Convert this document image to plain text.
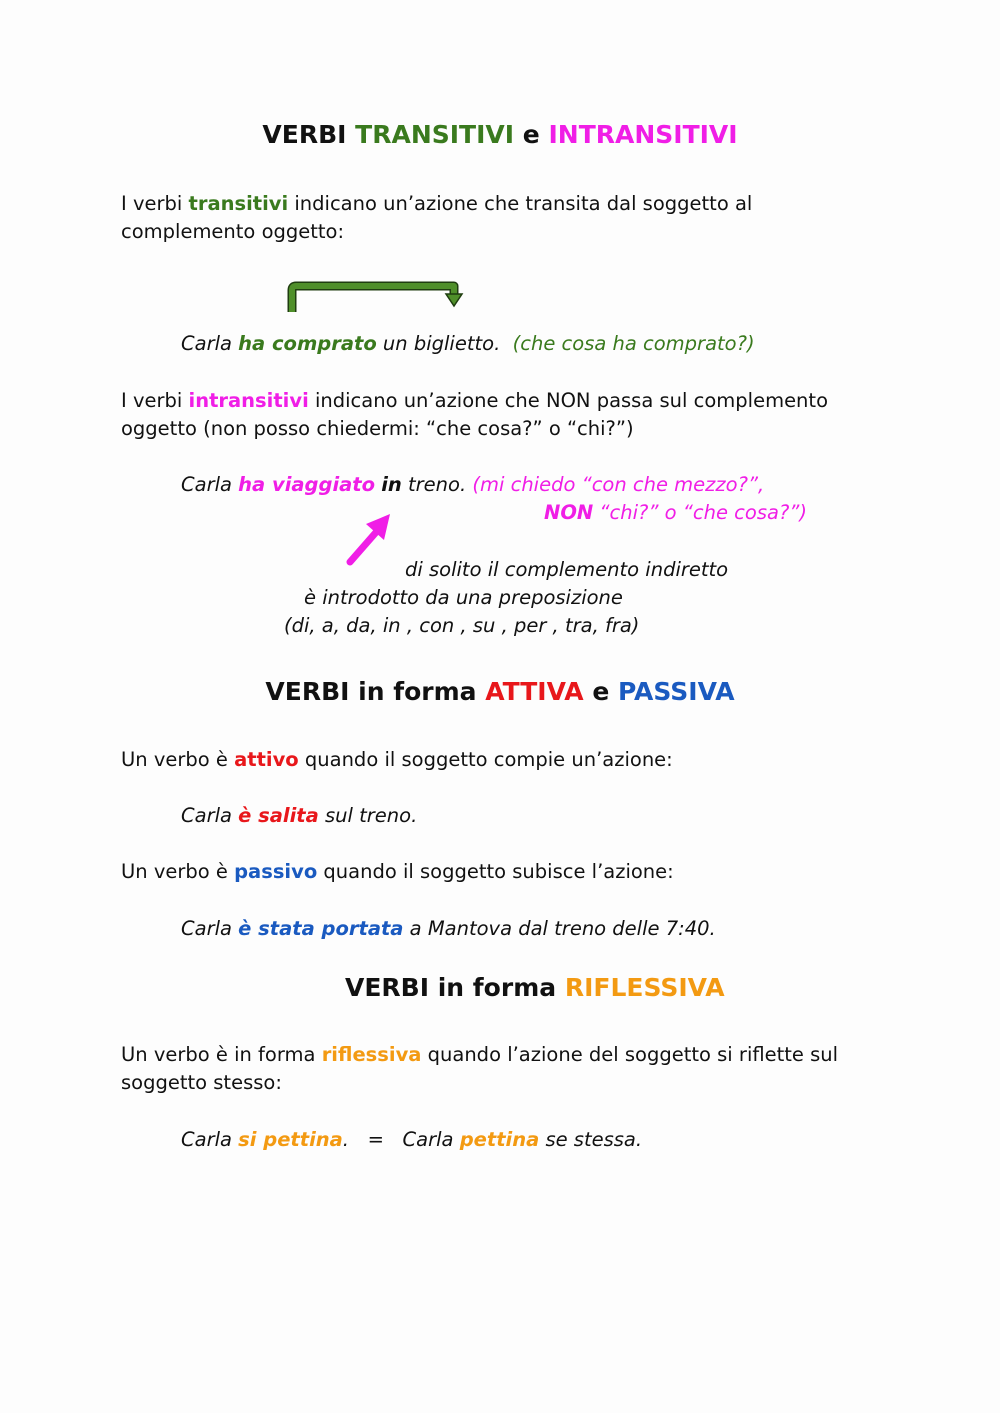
VERBI TRANSITIVI e INTRANSITIVI
I verbi transitivi indicano un’azione che transita dal soggetto al
complemento oggetto:
Carla ha comprato un biglietto. (che cosa ha comprato?)
I verbi intransitivi indicano un’azione che NON passa sul complemento
oggetto (non posso chiedermi: “che cosa?” o “chi?”)
Carla ha viaggiato in treno. (mi chiedo “con che mezzo?”,
NON “chi?” o “che cosa?”)
di solito il complemento indiretto
è introdotto da una preposizione
(di, a, da, in , con , su , per , tra, fra)
VERBI in forma ATTIVA e PASSIVA
Un verbo è attivo quando il soggetto compie un’azione:
Carla è salita sul treno.
Un verbo è passivo quando il soggetto subisce l’azione:
Carla è stata portata a Mantova dal treno delle 7:40.
VERBI in forma RIFLESSIVA
Un verbo è in forma riflessiva quando l’azione del soggetto si riflette sul
soggetto stesso:
Carla si pettina.   =   Carla pettina se stessa.
